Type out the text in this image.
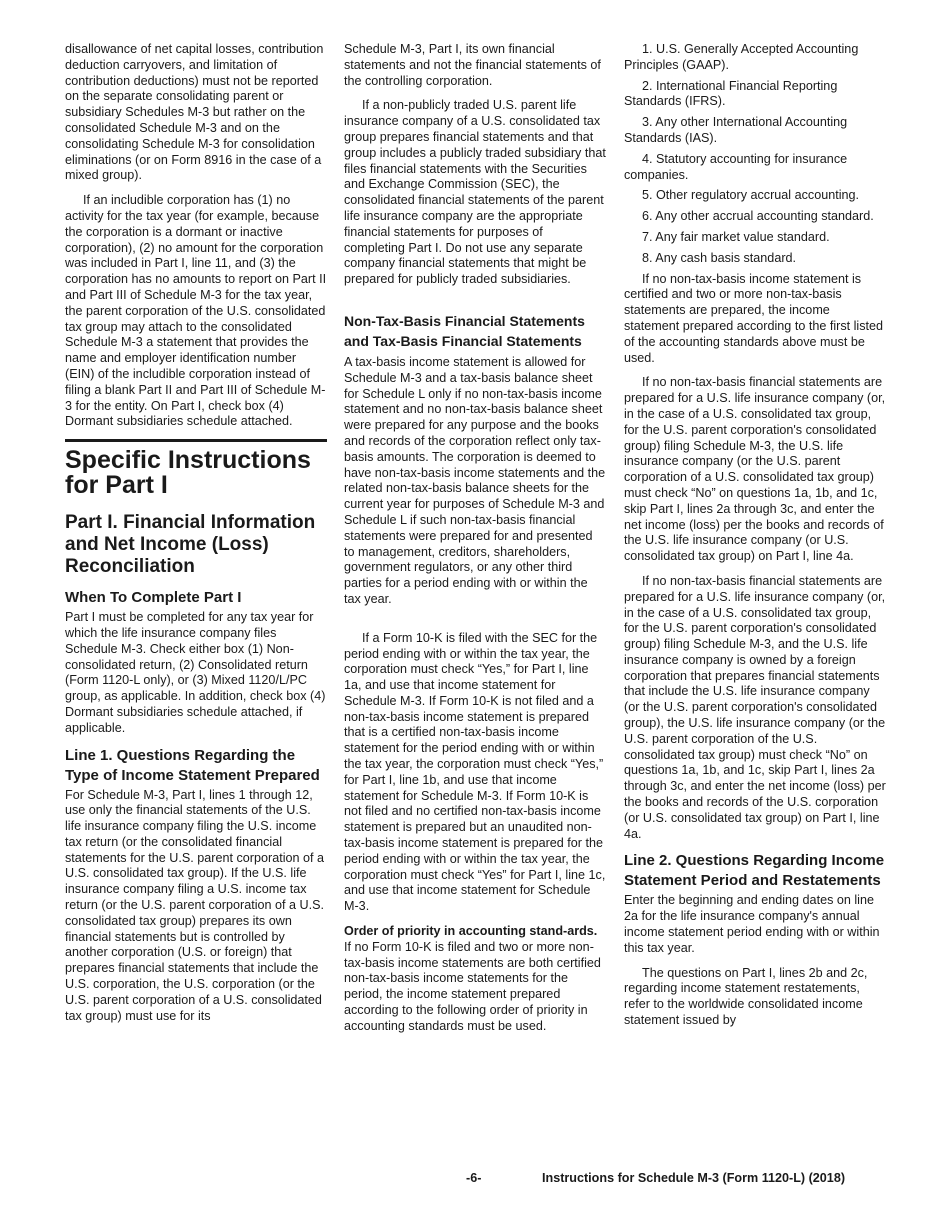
disallowance of net capital losses, contribution deduction carryovers, and limitation of contribution deductions) must not be reported on the separate consolidating parent or subsidiary Schedules M-3 but rather on the consolidated Schedule M-3 and on the consolidating Schedule M-3 for consolidation eliminations (or on Form 8916 in the case of a mixed group).

If an includible corporation has (1) no activity for the tax year (for example, because the corporation is a dormant or inactive corporation), (2) no amount for the corporation was included in Part I, line 11, and (3) the corporation has no amounts to report on Part II and Part III of Schedule M-3 for the tax year, the parent corporation of the U.S. consolidated tax group may attach to the consolidated Schedule M-3 a statement that provides the name and employer identification number (EIN) of the includible corporation instead of filing a blank Part II and Part III of Schedule M-3 for the entity. On Part I, check box (4) Dormant subsidiaries schedule attached.

Specific Instructions for Part I
Part I. Financial Information and Net Income (Loss) Reconciliation
When To Complete Part I

Part I must be completed for any tax year for which the life insurance company files Schedule M-3. Check either box (1) Non-consolidated return, (2) Consolidated return (Form 1120-L only), or (3) Mixed 1120/L/PC group, as applicable. In addition, check box (4) Dormant subsidiaries schedule attached, if applicable.

Line 1. Questions Regarding the Type of Income Statement Prepared

For Schedule M-3, Part I, lines 1 through 12, use only the financial statements of the U.S. life insurance company filing the U.S. income tax return (or the consolidated financial statements for the U.S. parent corporation of a U.S. consolidated tax group). If the U.S. life insurance company filing a U.S. income tax return (or the U.S. parent corporation of a U.S. consolidated tax group) prepares its own financial statements but is controlled by another corporation (U.S. or foreign) that prepares financial statements that include the U.S. corporation, the U.S. corporation (or the U.S. parent corporation of a U.S. consolidated tax group) must use for its

Schedule M-3, Part I, its own financial statements and not the financial statements of the controlling corporation.

If a non-publicly traded U.S. parent life insurance company of a U.S. consolidated tax group prepares financial statements and that group includes a publicly traded subsidiary that files financial statements with the Securities and Exchange Commission (SEC), the consolidated financial statements of the parent life insurance company are the appropriate financial statements for purposes of completing Part I. Do not use any separate company financial statements that might be prepared for publicly traded subsidiaries.

Non-Tax-Basis Financial Statements and Tax-Basis Financial Statements

A tax-basis income statement is allowed for Schedule M-3 and a tax-basis balance sheet for Schedule L only if no non-tax-basis income statement and no non-tax-basis balance sheet were prepared for any purpose and the books and records of the corporation reflect only tax-basis amounts. The corporation is deemed to have non-tax-basis income statements and the related non-tax-basis balance sheets for the current year for purposes of Schedule M-3 and Schedule L if such non-tax-basis financial statements were prepared for and presented to management, creditors, shareholders, government regulators, or any other third parties for a period ending with or within the tax year.

If a Form 10-K is filed with the SEC for the period ending with or within the tax year, the corporation must check “Yes,” for Part I, line 1a, and use that income statement for Schedule M-3. If Form 10-K is not filed and a non-tax-basis income statement is prepared that is a certified non-tax-basis income statement for the period ending with or within the tax year, the corporation must check “Yes,” for Part I, line 1b, and use that income statement for Schedule M-3. If Form 10-K is not filed and no certified non-tax-basis income statement is prepared but an unaudited non-tax-basis income statement is prepared for the period ending with or within the tax year, the corporation must check “Yes” for Part I, line 1c, and use that income statement for Schedule M-3.

Order of priority in accounting stand-ards. If no Form 10-K is filed and two or more non-tax-basis income statements are both certified non-tax-basis income statements for the period, the income statement prepared according to the following order of priority in accounting standards must be used.

1. U.S. Generally Accepted Accounting Principles (GAAP).

2. International Financial Reporting Standards (IFRS).

3. Any other International Accounting Standards (IAS).

4. Statutory accounting for insurance companies.

5. Other regulatory accrual accounting.

6. Any other accrual accounting standard.

7. Any fair market value standard.

8. Any cash basis standard.

If no non-tax-basis income statement is certified and two or more non-tax-basis statements are prepared, the income statement prepared according to the first listed of the accounting standards above must be used.

If no non-tax-basis financial statements are prepared for a U.S. life insurance company (or, in the case of a U.S. consolidated tax group, for the U.S. parent corporation's consolidated group) filing Schedule M-3, the U.S. life insurance company (or the U.S. parent corporation of a U.S. consolidated tax group) must check “No” on questions 1a, 1b, and 1c, skip Part I, lines 2a through 3c, and enter the net income (loss) per the books and records of the U.S. life insurance company (or U.S. consolidated tax group) on Part I, line 4a.

If no non-tax-basis financial statements are prepared for a U.S. life insurance company (or, in the case of a U.S. consolidated tax group, for the U.S. parent corporation's consolidated group) filing Schedule M-3, and the U.S. life insurance company is owned by a foreign corporation that prepares financial statements that include the U.S. life insurance company (or the U.S. parent corporation's consolidated group), the U.S. life insurance company (or the U.S. parent corporation of the U.S. consolidated tax group) must check “No” on questions 1a, 1b, and 1c, skip Part I, lines 2a through 3c, and enter the net income (loss) per the books and records of the U.S. corporation (or U.S. consolidated tax group) on Part I, line 4a.

Line 2. Questions Regarding Income Statement Period and Restatements

Enter the beginning and ending dates on line 2a for the life insurance company's annual income statement period ending with or within this tax year.

The questions on Part I, lines 2b and 2c, regarding income statement restatements, refer to the worldwide consolidated income statement issued by

-6-	Instructions for Schedule M-3 (Form 1120-L) (2018)
